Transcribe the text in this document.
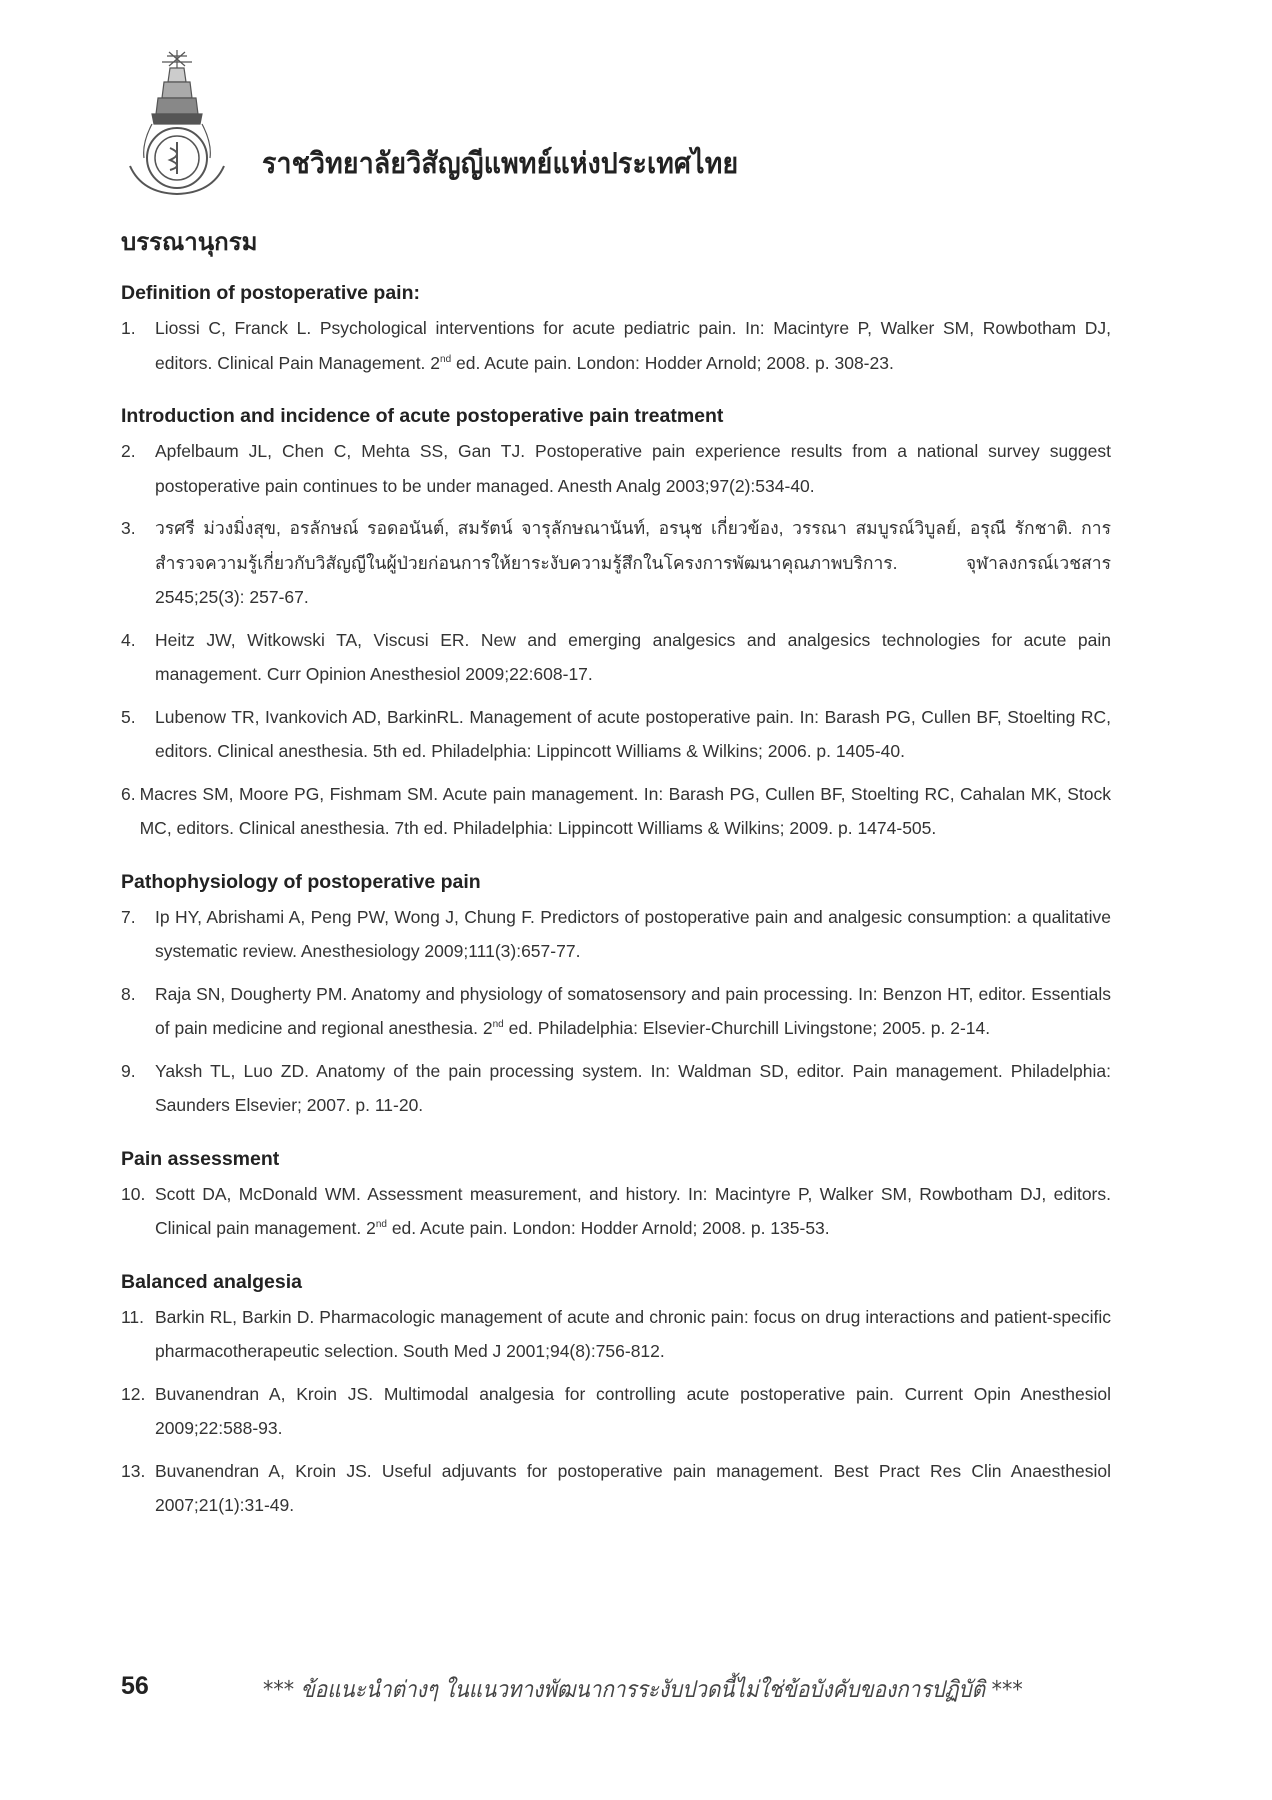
ราชวิทยาลัยวิสัญญีแพทย์แห่งประเทศไทย
บรรณานุกรม
Definition of postoperative pain:
1.	Liossi C, Franck L. Psychological interventions for acute pediatric pain. In: Macintyre P, Walker SM, Rowbotham DJ, editors. Clinical Pain Management. 2nd ed. Acute pain. London: Hodder Arnold; 2008. p. 308-23.
Introduction and incidence of acute postoperative pain treatment
2.	Apfelbaum JL, Chen C, Mehta SS, Gan TJ. Postoperative pain experience results from a national survey suggest postoperative pain continues to be under managed. Anesth Analg 2003;97(2):534-40.
3.	วรศรี ม่วงมิ่งสุข, อรลักษณ์ รอดอนันต์, สมรัตน์ จารุลักษณานันท์, อรนุช เกี่ยวข้อง, วรรณา สมบูรณ์วิบูลย์, อรุณี รักชาติ. การสำรวจความรู้เกี่ยวกับวิสัญญีในผู้ป่วยก่อนการให้ยาระงับความรู้สึกในโครงการพัฒนาคุณภาพบริการ. จุฬาลงกรณ์เวชสาร 2545;25(3): 257-67.
4.	Heitz JW, Witkowski TA, Viscusi ER. New and emerging analgesics and analgesics technologies for acute pain management. Curr Opinion Anesthesiol 2009;22:608-17.
5.	Lubenow TR, Ivankovich AD, BarkinRL. Management of acute postoperative pain. In: Barash PG, Cullen BF, Stoelting RC, editors. Clinical anesthesia. 5th ed. Philadelphia: Lippincott Williams & Wilkins; 2006. p. 1405-40.
6. Macres SM, Moore PG, Fishmam SM. Acute pain management. In: Barash PG, Cullen BF, Stoelting RC, Cahalan MK, Stock MC, editors. Clinical anesthesia. 7th ed. Philadelphia: Lippincott Williams & Wilkins; 2009. p. 1474-505.
Pathophysiology of postoperative pain
7.	Ip HY, Abrishami A, Peng PW, Wong J, Chung F. Predictors of postoperative pain and analgesic consumption: a qualitative systematic review. Anesthesiology 2009;111(3):657-77.
8.	Raja SN, Dougherty PM. Anatomy and physiology of somatosensory and pain processing. In: Benzon HT, editor. Essentials of pain medicine and regional anesthesia. 2nd ed. Philadelphia: Elsevier-Churchill Livingstone; 2005. p. 2-14.
9.	Yaksh TL, Luo ZD. Anatomy of the pain processing system. In: Waldman SD, editor. Pain management. Philadelphia: Saunders Elsevier; 2007. p. 11-20.
Pain assessment
10. Scott DA, McDonald WM. Assessment measurement, and history. In: Macintyre P, Walker SM, Rowbotham DJ, editors. Clinical pain management. 2nd ed. Acute pain. London: Hodder Arnold; 2008. p. 135-53.
Balanced analgesia
11. Barkin RL, Barkin D. Pharmacologic management of acute and chronic pain: focus on drug interactions and patient-specific pharmacotherapeutic selection. South Med J 2001;94(8):756-812.
12. Buvanendran A, Kroin JS. Multimodal analgesia for controlling acute postoperative pain. Current Opin Anesthesiol 2009;22:588-93.
13. Buvanendran A, Kroin JS. Useful adjuvants for postoperative pain management. Best Pract Res Clin Anaesthesiol 2007;21(1):31-49.
56	*** ข้อแนะนำต่างๆ ในแนวทางพัฒนาการระงับปวดนี้ไม่ใช่ข้อบังคับของการปฏิบัติ ***
